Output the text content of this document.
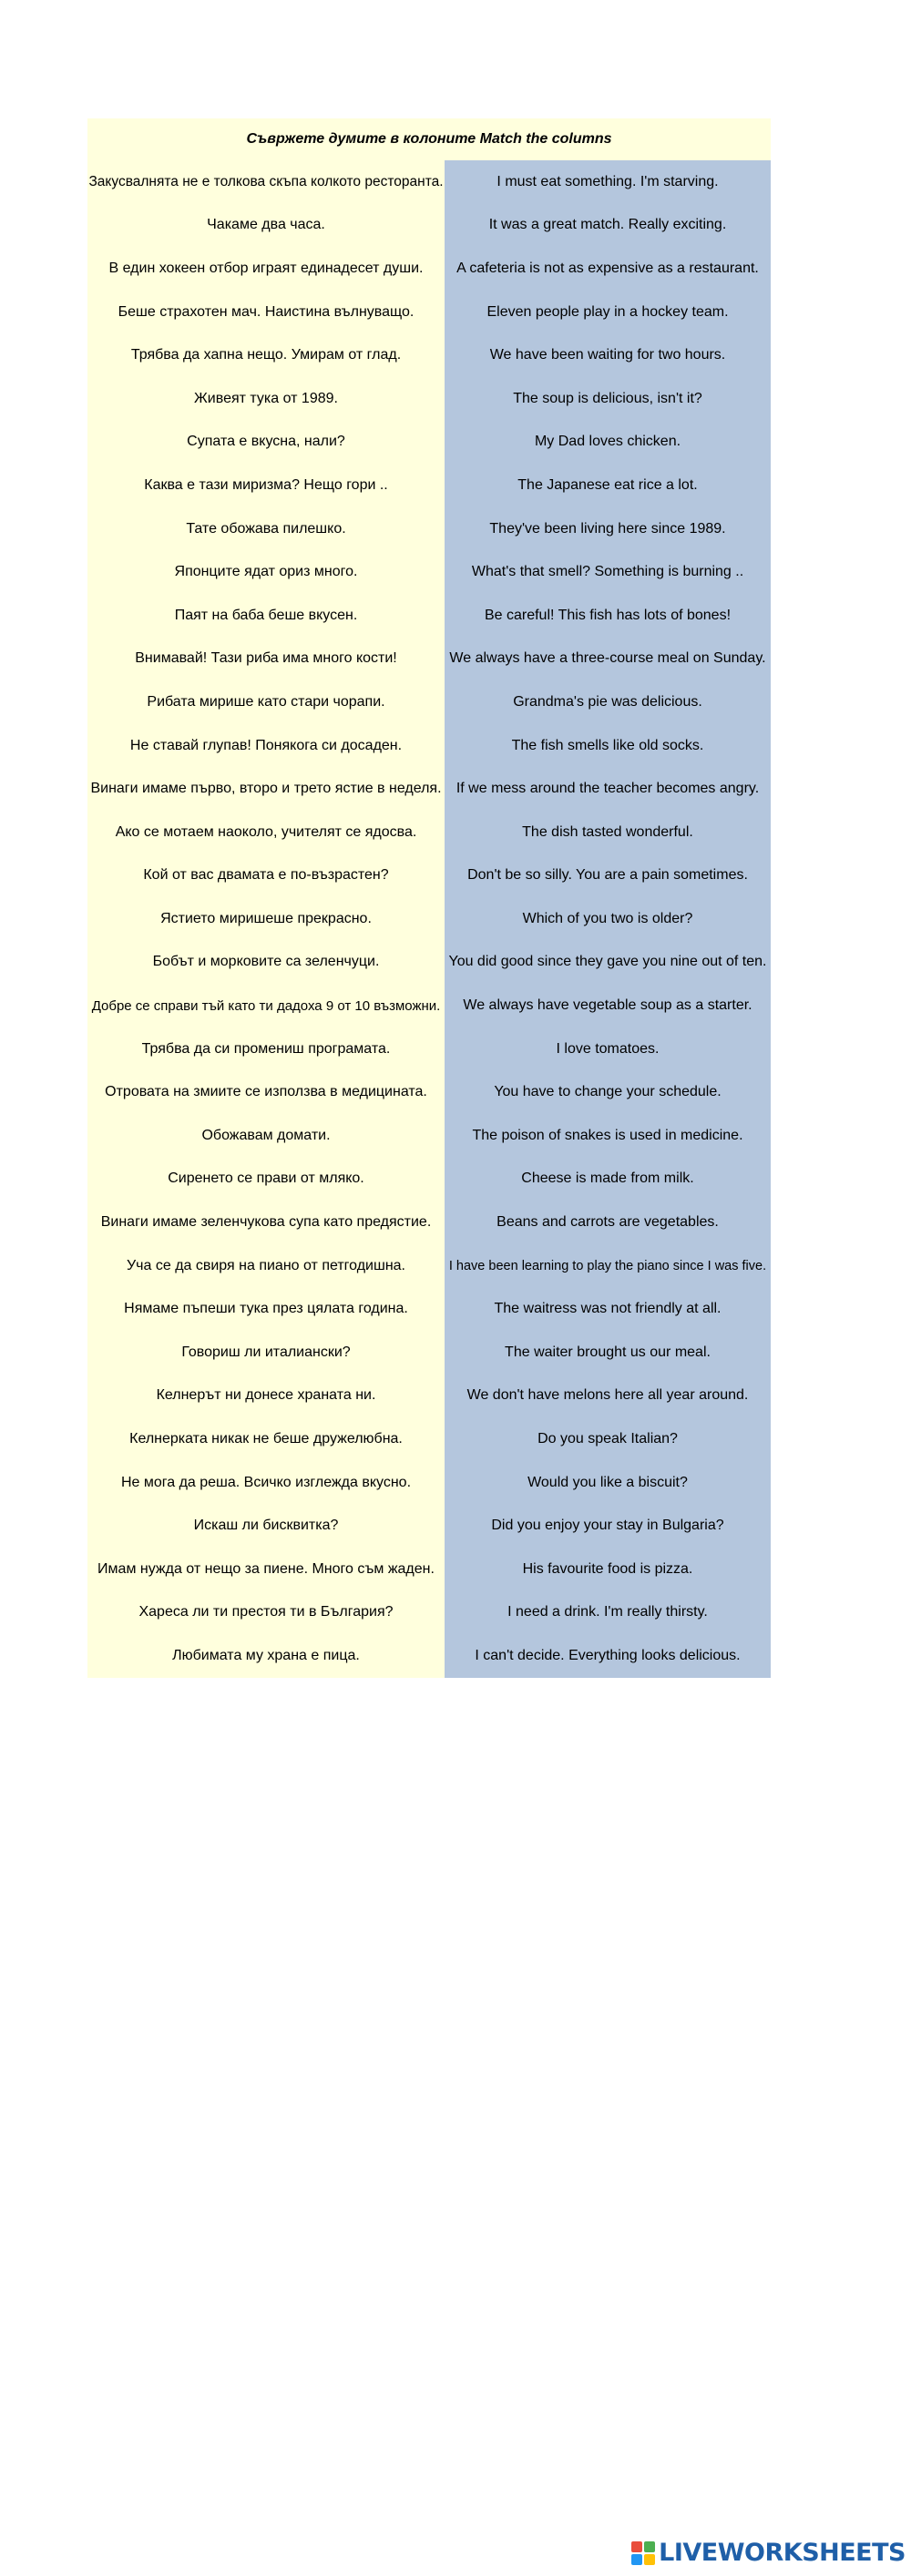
Съвржете думите в колоните Match the columns
Закусвалнята не е толкова скъпа колкото ресторанта.	I must eat something. I'm starving.
Чакаме два часа.	It was a great match. Really exciting.
В един хокеен отбор играят единадесет души.	A cafeteria is not as expensive as a restaurant.
Беше страхотен мач. Наистина вълнуващо.	Eleven people play in a hockey team.
Трябва да хапна нещо. Умирам от глад.	We have been waiting for two hours.
Живеят тука от 1989.	The soup is delicious, isn't it?
Супата е вкусна, нали?	My Dad loves chicken.
Каква е тази миризма? Нещо гори ..	The Japanese eat rice a lot.
Тате обожава пилешко.	They've been living here since 1989.
Японците ядат ориз много.	What's that smell? Something is burning ..
Паят на баба беше вкусен.	Be careful! This fish has lots of bones!
Внимавай! Тази риба има много кости!	We always have a three-course meal on Sunday.
Рибата мирише като стари чорапи.	Grandma's pie was delicious.
Не ставай глупав! Понякога си досаден.	The fish smells like old socks.
Винаги имаме първо, второ и трето ястие в неделя.	If we mess around the teacher becomes angry.
Ако се мотаем наоколо, учителят се ядосва.	The dish tasted wonderful.
Кой от вас двамата е по-възрастен?	Don't be so silly. You are a pain sometimes.
Ястието миришеше прекрасно.	Which of you two is older?
Бобът и морковите са зеленчуци.	You did good since they gave you nine out of ten.
Добре се справи тъй като ти дадоха 9 от 10 възможни.	We always have vegetable soup as a starter.
Трябва да си промениш програмата.	I love tomatoes.
Отровата на змиите се използва в медицината.	You have to change your schedule.
Обожавам домати.	The poison of snakes is used in medicine.
Сиренето се прави от мляко.	Cheese is made from milk.
Винаги имаме зеленчукова супа като предястие.	Beans and carrots are vegetables.
Уча се да свиря на пиано от петгодишна.	I have been learning to play the piano since I was five.
Нямаме пъпеши тука през цялата година.	The waitress was not friendly at all.
Говориш ли италиански?	The waiter brought us our meal.
Келнерът ни донесе храната ни.	We don't have melons here all year around.
Келнерката никак не беше дружелюбна.	Do you speak Italian?
Не мога да реша. Всичко изглежда вкусно.	Would you like a biscuit?
Искаш ли бисквитка?	Did you enjoy your stay in Bulgaria?
Имам нужда от нещо за пиене. Много съм жаден.	His favourite food is pizza.
Хареса ли ти престоя ти в България?	I need a drink. I'm really thirsty.
Любимата му храна е пица.	I can't decide. Everything looks delicious.
LIVEWORKSHEETS
